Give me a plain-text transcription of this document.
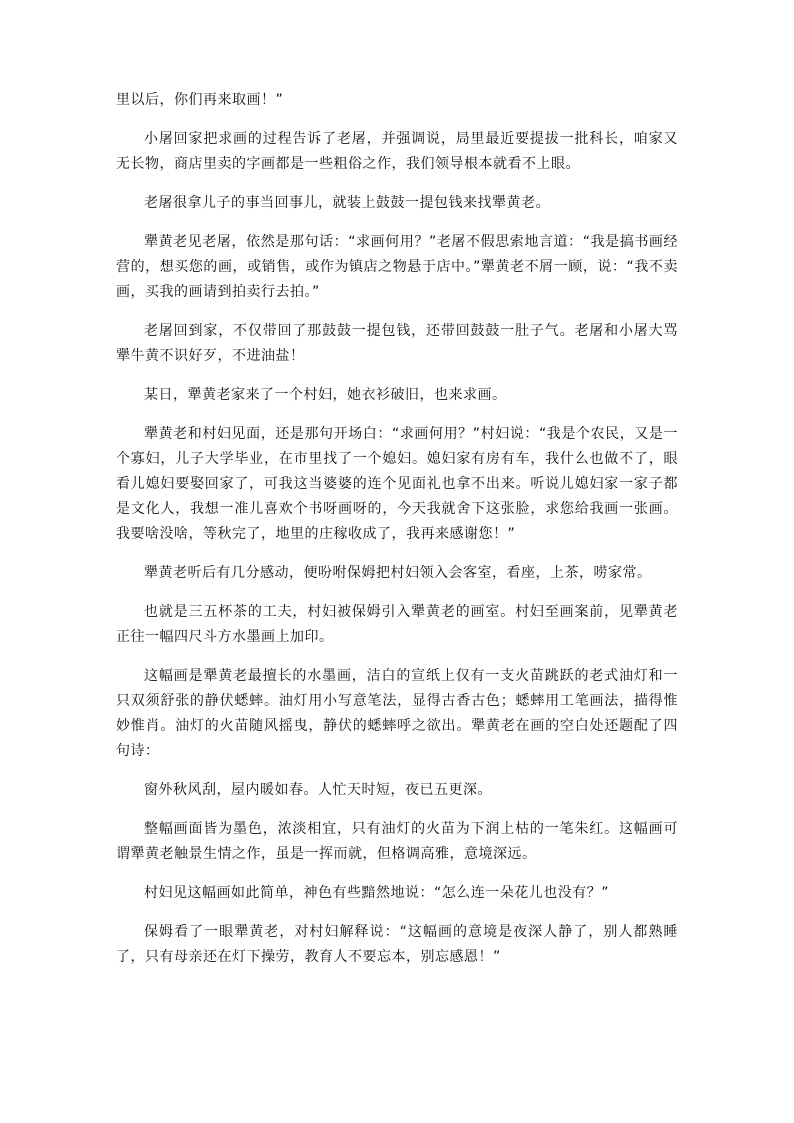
里以后，你们再来取画！”

小屠回家把求画的过程告诉了老屠，并强调说，局里最近要提拔一批科长，咱家又无长物，商店里卖的字画都是一些粗俗之作，我们领导根本就看不上眼。

老屠很拿儿子的事当回事儿，就装上鼓鼓一提包钱来找犟黄老。

犟黄老见老屠，依然是那句话：“求画何用？”老屠不假思索地言道：“我是搞书画经营的，想买您的画，或销售，或作为镇店之物悬于店中。”犟黄老不屑一顾，说：“我不卖画，买我的画请到拍卖行去拍。”

老屠回到家，不仅带回了那鼓鼓一提包钱，还带回鼓鼓一肚子气。老屠和小屠大骂犟牛黄不识好歹，不进油盐！

某日，犟黄老家来了一个村妇，她衣衫破旧，也来求画。

犟黄老和村妇见面，还是那句开场白：“求画何用？”村妇说：“我是个农民，又是一个寡妇，儿子大学毕业，在市里找了一个媳妇。媳妇家有房有车，我什么也做不了，眼看儿媳妇要娶回家了，可我这当婆婆的连个见面礼也拿不出来。听说儿媳妇家一家子都是文化人，我想一准儿喜欢个书呀画呀的，今天我就舍下这张脸，求您给我画一张画。我要啥没啥，等秋完了，地里的庄稼收成了，我再来感谢您！”

犟黄老听后有几分感动，便吩咐保姆把村妇领入会客室，看座，上茶，唠家常。

也就是三五杯茶的工夫，村妇被保姆引入犟黄老的画室。村妇至画案前，见犟黄老正往一幅四尺斗方水墨画上加印。

这幅画是犟黄老最擅长的水墨画，洁白的宣纸上仅有一支火苗跳跃的老式油灯和一只双须舒张的静伏蟋蟀。油灯用小写意笔法，显得古香古色；蟋蟀用工笔画法，描得惟妙惟肖。油灯的火苗随风摇曳，静伏的蟋蟀呼之欲出。犟黄老在画的空白处还题配了四句诗：

窗外秋风刮，屋内暖如春。人忙天时短，夜已五更深。

整幅画面皆为墨色，浓淡相宜，只有油灯的火苗为下润上枯的一笔朱红。这幅画可谓犟黄老触景生情之作，虽是一挥而就，但格调高雅，意境深远。

村妇见这幅画如此简单，神色有些黯然地说：“怎么连一朵花儿也没有？”

保姆看了一眼犟黄老，对村妇解释说：“这幅画的意境是夜深人静了，别人都熟睡了，只有母亲还在灯下操劳，教育人不要忘本，别忘感恩！”
